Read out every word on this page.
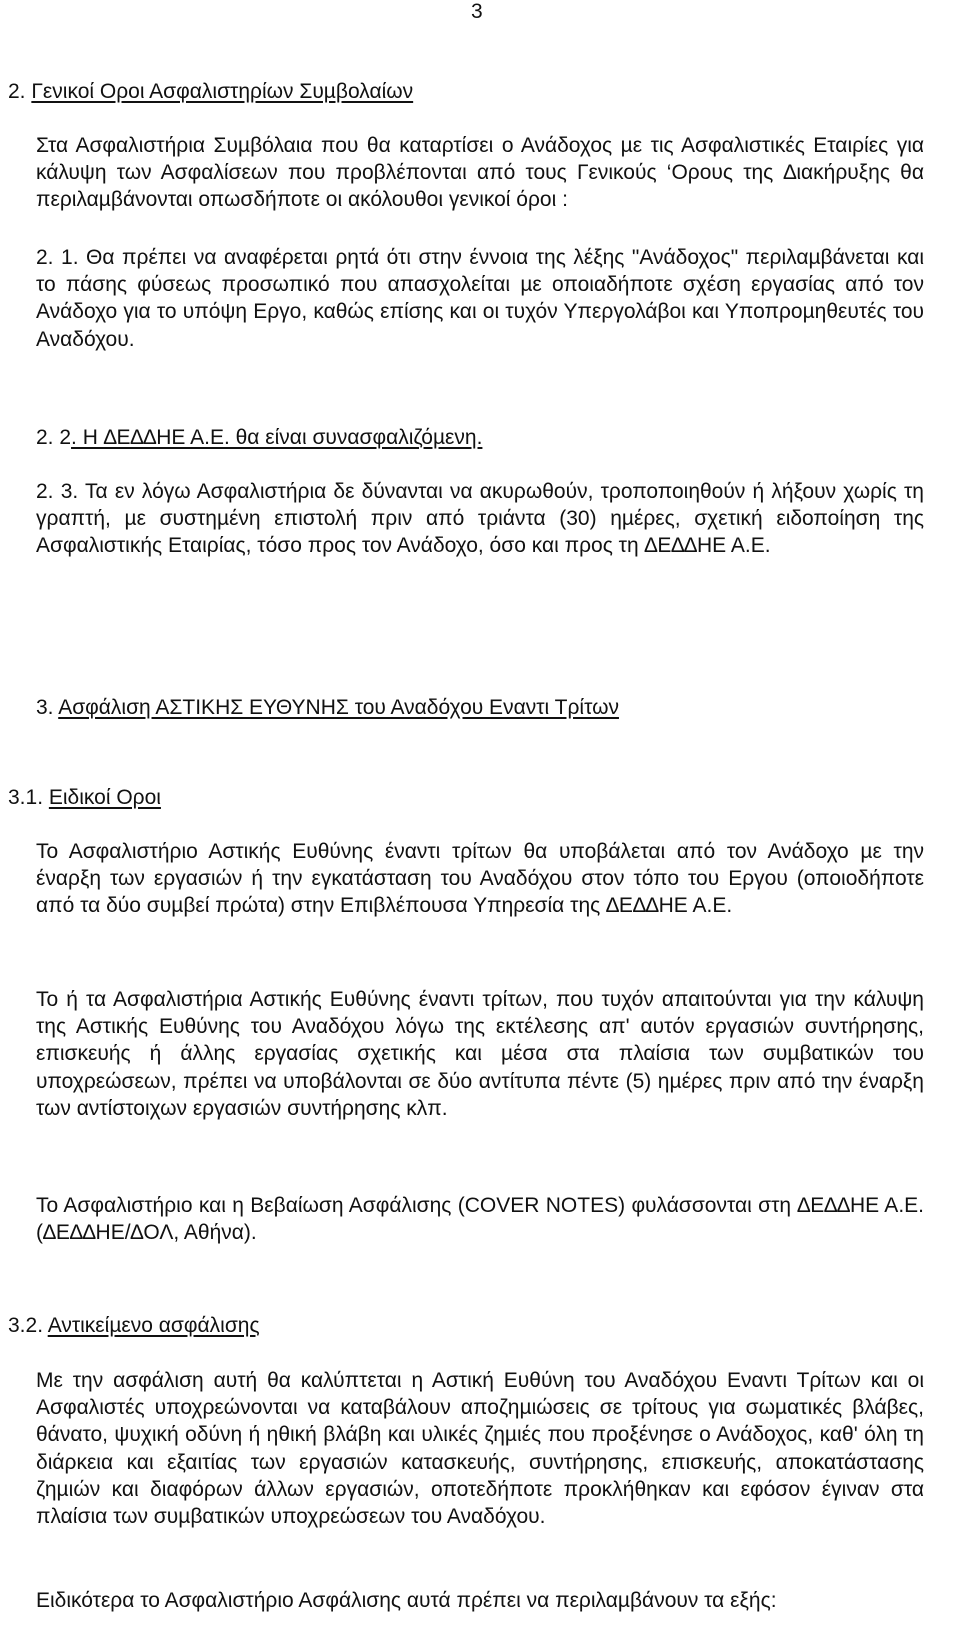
3
2. Γενικοί Οροι Ασφαλιστηρίων Συµβολαίων

Στα Ασφαλιστήρια Συµβόλαια που θα καταρτίσει ο Ανάδοχος µε τις Ασφαλιστικές Εταιρίες για κάλυψη των Ασφαλίσεων που προβλέπονται από τους Γενικούς ‘Ορους της ∆ιακήρυξης θα περιλαµβάνονται οπωσδήποτε οι ακόλουθοι γενικοί όροι :

2. 1. Θα πρέπει να αναφέρεται ρητά ότι στην έννοια της λέξης "Ανάδοχος" περιλαµβάνεται και το πάσης φύσεως προσωπικό που απασχολείται µε οποιαδήποτε σχέση εργασίας από τον Ανάδοχο για το υπόψη Εργο, καθώς επίσης και οι τυχόν Υπεργολάβοι και Υποπροµηθευτές του Αναδόχου.

2. 2. Η ∆Ε∆∆ΗΕ Α.Ε. θα είναι συνασφαλιζόµενη.

2. 3. Τα εν λόγω Ασφαλιστήρια δε δύνανται να ακυρωθούν, τροποποιηθούν ή λήξουν χωρίς τη γραπτή, µε συστηµένη επιστολή πριν από τριάντα (30) ηµέρες, σχετική ειδοποίηση της Ασφαλιστικής Εταιρίας, τόσο προς τον Ανάδοχο, όσο και προς τη ∆Ε∆∆ΗΕ Α.Ε.

3. Ασφάλιση ΑΣΤΙΚΗΣ ΕΥΘΥΝΗΣ του Αναδόχου Εναντι Τρίτων
3.1. Ειδικοί Οροι

Το Ασφαλιστήριο Αστικής Ευθύνης έναντι τρίτων θα υποβάλεται από τον Ανάδοχο µε την έναρξη των εργασιών ή την εγκατάσταση του Αναδόχου στον τόπο του Εργου (οποιοδήποτε από τα δύο συµβεί πρώτα) στην Επιβλέπουσα Υπηρεσία της ∆Ε∆∆ΗΕ Α.Ε.

Το ή τα Ασφαλιστήρια Αστικής Ευθύνης έναντι τρίτων, που τυχόν απαιτούνται για την κάλυψη της Αστικής Ευθύνης του Αναδόχου λόγω της εκτέλεσης απ' αυτόν εργασιών συντήρησης, επισκευής ή άλλης εργασίας σχετικής και µέσα στα πλαίσια των συµβατικών του υποχρεώσεων, πρέπει να υποβάλονται σε δύο αντίτυπα πέντε (5) ηµέρες πριν από την έναρξη των αντίστοιχων εργασιών συντήρησης κλπ.

Το Ασφαλιστήριο και η Βεβαίωση Ασφάλισης (COVER NOTES) φυλάσσονται στη ∆Ε∆∆ΗΕ Α.Ε. (∆Ε∆∆ΗΕ/∆ΟΛ, Αθήνα).

3.2. Αντικείµενο ασφάλισης

Με την ασφάλιση αυτή θα καλύπτεται η Αστική Ευθύνη του Αναδόχου Εναντι Τρίτων και οι Ασφαλιστές υποχρεώνονται να καταβάλουν αποζηµιώσεις σε τρίτους για σωµατικές βλάβες, θάνατο, ψυχική οδύνη ή ηθική βλάβη και υλικές ζηµιές που προξένησε ο Ανάδοχος, καθ' όλη τη διάρκεια και εξαιτίας των εργασιών κατασκευής, συντήρησης, επισκευής, αποκατάστασης ζηµιών και διαφόρων άλλων εργασιών, οποτεδήποτε προκλήθηκαν και εφόσον έγιναν στα πλαίσια των συµβατικών υποχρεώσεων του Αναδόχου.

Ειδικότερα το Ασφαλιστήριο Ασφάλισης αυτά πρέπει να περιλαµβάνουν τα εξής:
